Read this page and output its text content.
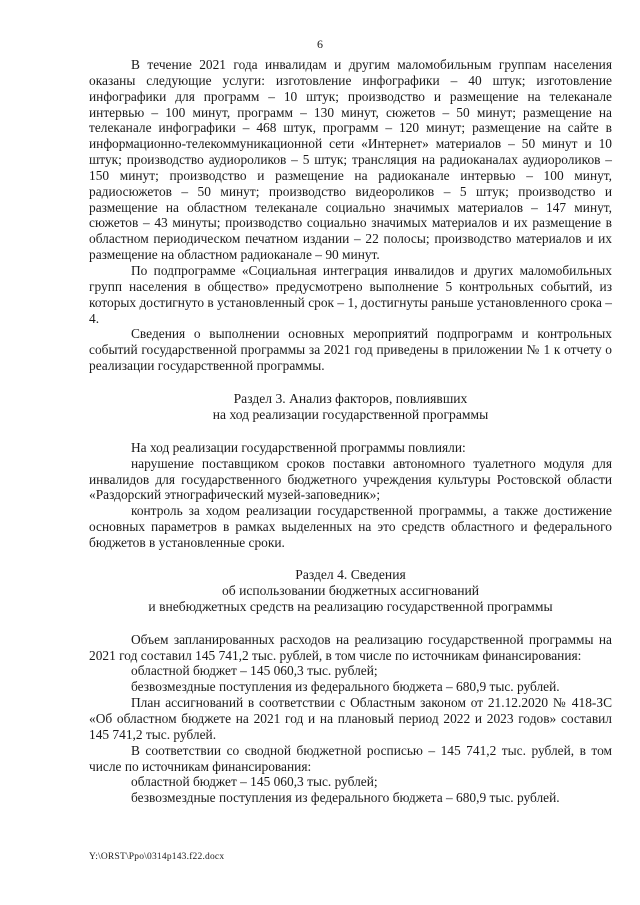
6

В течение 2021 года инвалидам и другим маломобильным группам населения оказаны следующие услуги: изготовление инфографики – 40 штук; изготовление инфографики для программ – 10 штук; производство и размещение на телеканале интервью – 100 минут, программ – 130 минут, сюжетов – 50 минут; размещение на телеканале инфографики – 468 штук, программ – 120 минут; размещение на сайте в информационно-телекоммуникационной сети «Интернет» материалов – 50 минут и 10 штук; производство аудиороликов – 5 штук; трансляция на радиоканалах аудиороликов – 150 минут; производство и размещение на радиоканале интервью – 100 минут, радиосюжетов – 50 минут; производство видеороликов – 5 штук; производство и размещение на областном телеканале социально значимых материалов – 147 минут, сюжетов – 43 минуты; производство социально значимых материалов и их размещение в областном периодическом печатном издании – 22 полосы; производство материалов и их размещение на областном радиоканале – 90 минут.

По подпрограмме «Социальная интеграция инвалидов и других маломобильных групп населения в общество» предусмотрено выполнение 5 контрольных событий, из которых достигнуто в установленный срок – 1, достигнуты раньше установленного срока – 4.

Сведения о выполнении основных мероприятий подпрограмм и контрольных событий государственной программы за 2021 год приведены в приложении № 1 к отчету о реализации государственной программы.

Раздел 3. Анализ факторов, повлиявших
на ход реализации государственной программы

На ход реализации государственной программы повлияли:

нарушение поставщиком сроков поставки автономного туалетного модуля для инвалидов для государственного бюджетного учреждения культуры Ростовской области «Раздорский этнографический музей-заповедник»;

контроль за ходом реализации государственной программы, а также достижение основных параметров в рамках выделенных на это средств областного и федерального бюджетов в установленные сроки.

Раздел 4. Сведения
об использовании бюджетных ассигнований
и внебюджетных средств на реализацию государственной программы

Объем запланированных расходов на реализацию государственной программы на 2021 год составил 145 741,2 тыс. рублей, в том числе по источникам финансирования:

областной бюджет – 145 060,3 тыс. рублей;

безвозмездные поступления из федерального бюджета – 680,9 тыс. рублей.

План ассигнований в соответствии с Областным законом от 21.12.2020 № 418-ЗС «Об областном бюджете на 2021 год и на плановый период 2022 и 2023 годов» составил 145 741,2 тыс. рублей.

В соответствии со сводной бюджетной росписью – 145 741,2 тыс. рублей, в том числе по источникам финансирования:

областной бюджет – 145 060,3 тыс. рублей;

безвозмездные поступления из федерального бюджета – 680,9 тыс. рублей.

Y:\ORST\Ppo\0314p143.f22.docx
